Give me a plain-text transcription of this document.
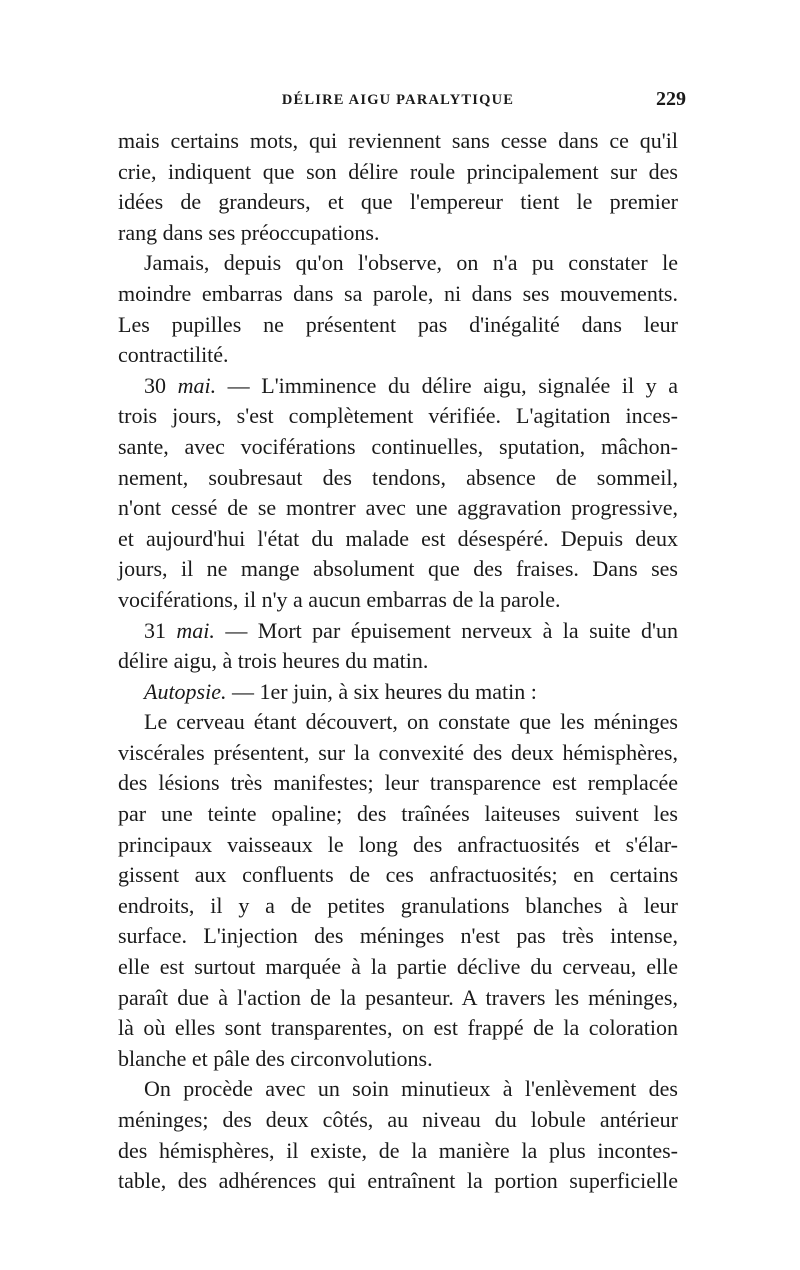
DÉLIRE AIGU PARALYTIQUE	229
mais certains mots, qui reviennent sans cesse dans ce qu'il
crie, indiquent que son délire roule principalement sur des
idées de grandeurs, et que l'empereur tient le premier
rang dans ses préoccupations.
Jamais, depuis qu'on l'observe, on n'a pu constater le
moindre embarras dans sa parole, ni dans ses mouvements.
Les pupilles ne présentent pas d'inégalité dans leur
contractilité.
30 mai. — L'imminence du délire aigu, signalée il y a
trois jours, s'est complètement vérifiée. L'agitation inces-
sante, avec vociférations continuelles, sputation, mâchon-
nement, soubresaut des tendons, absence de sommeil,
n'ont cessé de se montrer avec une aggravation progressive,
et aujourd'hui l'état du malade est désespéré. Depuis deux
jours, il ne mange absolument que des fraises. Dans ses
vociférations, il n'y a aucun embarras de la parole.
31 mai. — Mort par épuisement nerveux à la suite d'un
délire aigu, à trois heures du matin.
Autopsie. — 1er juin, à six heures du matin :
Le cerveau étant découvert, on constate que les méninges
viscérales présentent, sur la convexité des deux hémisphères,
des lésions très manifestes; leur transparence est remplacée
par une teinte opaline; des traînées laiteuses suivent les
principaux vaisseaux le long des anfractuosités et s'élar-
gissent aux confluents de ces anfractuosités; en certains
endroits, il y a de petites granulations blanches à leur
surface. L'injection des méninges n'est pas très intense,
elle est surtout marquée à la partie déclive du cerveau, elle
paraît due à l'action de la pesanteur. A travers les méninges,
là où elles sont transparentes, on est frappé de la coloration
blanche et pâle des circonvolutions.
On procède avec un soin minutieux à l'enlèvement des
méninges; des deux côtés, au niveau du lobule antérieur
des hémisphères, il existe, de la manière la plus incontes-
table, des adhérences qui entraînent la portion superficielle
